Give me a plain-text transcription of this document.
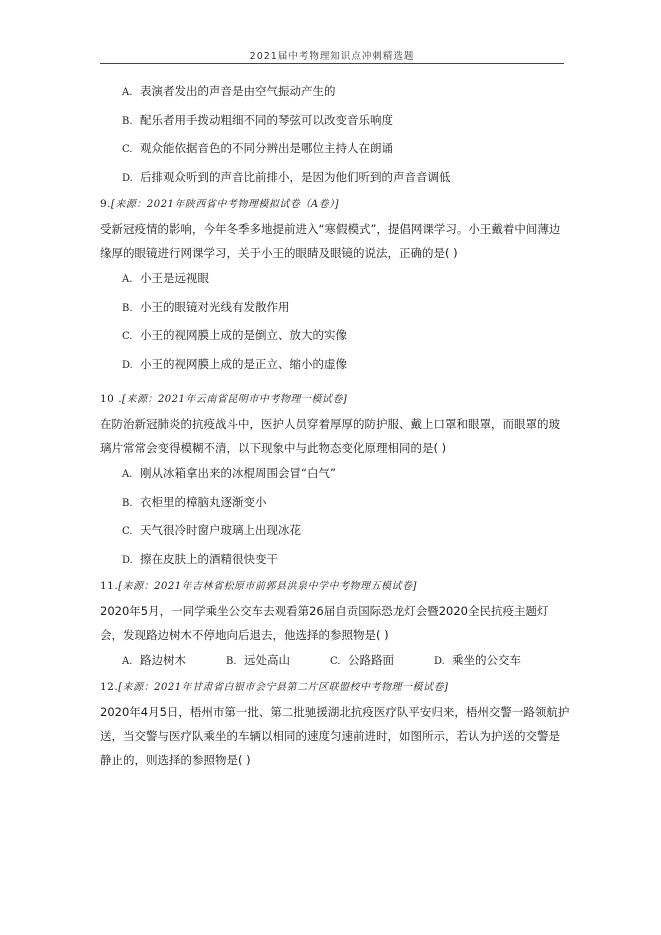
2021届中考物理知识点冲刺精选题
A. 表演者发出的声音是由空气振动产生的
B. 配乐者用手拨动粗细不同的琴弦可以改变音乐响度
C. 观众能依据音色的不同分辨出是哪位主持人在朗诵
D. 后排观众听到的声音比前排小，是因为他们听到的声音音调低
9.[来源：2021年陕西省中考物理模拟试卷（A卷）]
受新冠疫情的影响，今年冬季多地提前进入“寒假模式”，提倡网课学习。小王戴着中间薄边缘厚的眼镜进行网课学习，关于小王的眼睛及眼镜的说法，正确的是( )
A. 小王是远视眼
B. 小王的眼镜对光线有发散作用
C. 小王的视网膜上成的是倒立、放大的实像
D. 小王的视网膜上成的是正立、缩小的虚像
10 .[来源：2021年云南省昆明市中考物理一模试卷]
在防治新冠肺炎的抗疫战斗中，医护人员穿着厚厚的防护服、戴上口罩和眼罩，而眼罩的玻璃片常常会变得模糊不清，以下现象中与此物态变化原理相同的是( )
A. 刚从冰箱拿出来的冰棍周围会冒“白气”
B. 衣柜里的樟脑丸逐渐变小
C. 天气很冷时窗户玻璃上出现冰花
D. 擦在皮肤上的酒精很快变干
11.[来源：2021年吉林省松原市前郭县洪泉中学中考物理五模试卷]
2020年5月，一同学乘坐公交车去观看第26届自贡国际恐龙灯会暨2020全民抗疫主题灯会，发现路边树木不停地向后退去，他选择的参照物是( )
A. 路边树木	B. 远处高山	C. 公路路面	D. 乘坐的公交车
12.[来源：2021年甘肃省白银市会宁县第二片区联盟校中考物理一模试卷]
2020年4月5日，梧州市第一批、第二批驰援湖北抗疫医疗队平安归来，梧州交警一路领航护送，当交警与医疗队乘坐的车辆以相同的速度匀速前进时，如图所示，若认为护送的交警是静止的，则选择的参照物是( )
